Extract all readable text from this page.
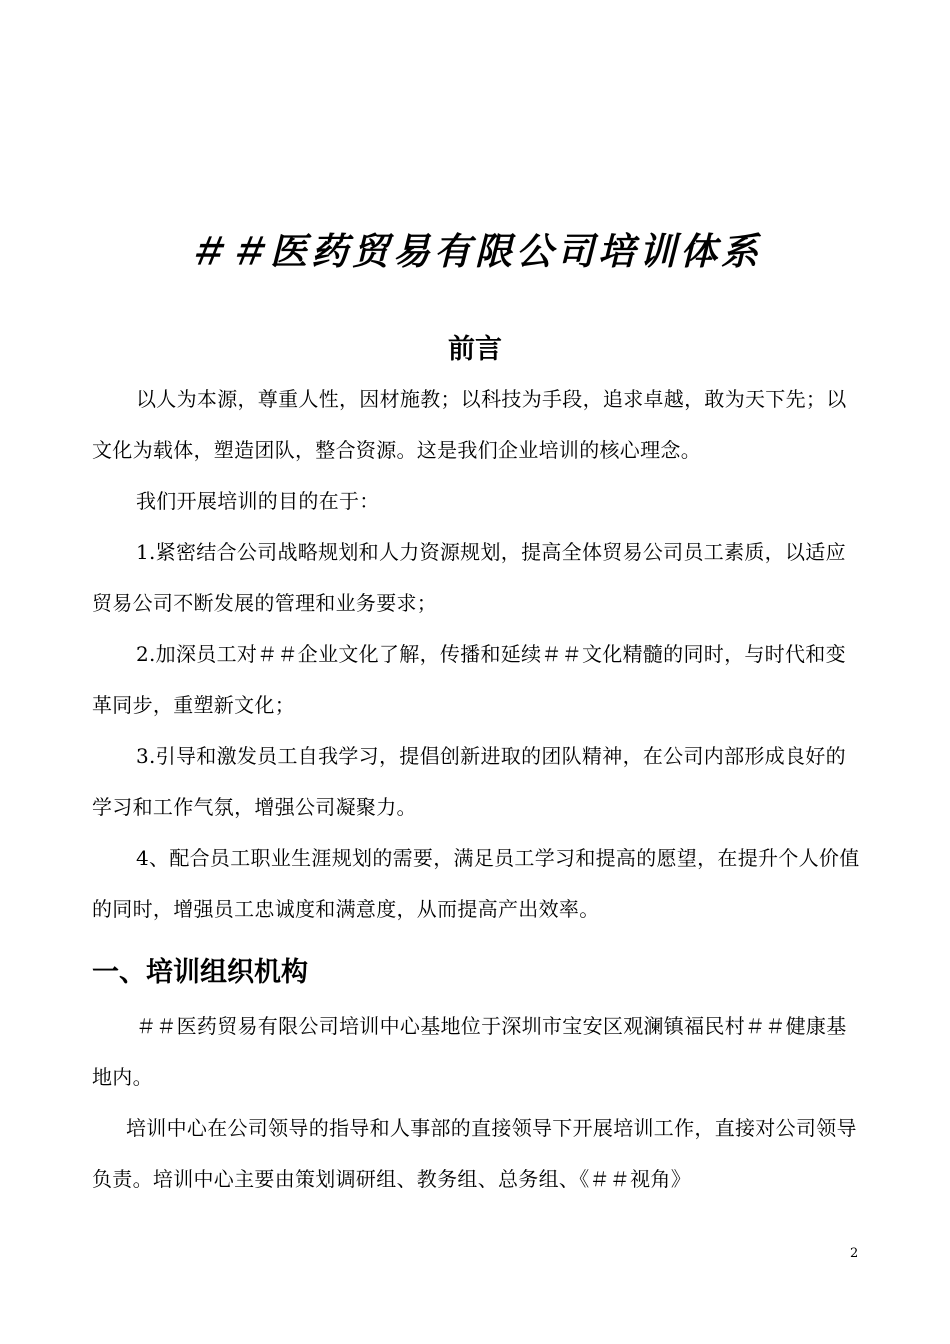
＃＃医药贸易有限公司培训体系
前言

以人为本源，尊重人性，因材施教；以科技为手段，追求卓越，敢为天下先；以文化为载体，塑造团队，整合资源。这是我们企业培训的核心理念。

我们开展培训的目的在于：

1.紧密结合公司战略规划和人力资源规划，提高全体贸易公司员工素质，以适应贸易公司不断发展的管理和业务要求；

2.加深员工对＃＃企业文化了解，传播和延续＃＃文化精髓的同时，与时代和变革同步，重塑新文化；

3.引导和激发员工自我学习，提倡创新进取的团队精神，在公司内部形成良好的学习和工作气氛，增强公司凝聚力。

4、配合员工职业生涯规划的需要，满足员工学习和提高的愿望，在提升个人价值的同时，增强员工忠诚度和满意度，从而提高产出效率。

一、培训组织机构

＃＃医药贸易有限公司培训中心基地位于深圳市宝安区观澜镇福民村＃＃健康基地内。

培训中心在公司领导的指导和人事部的直接领导下开展培训工作，直接对公司领导负责。培训中心主要由策划调研组、教务组、总务组、《＃＃视角》

2
